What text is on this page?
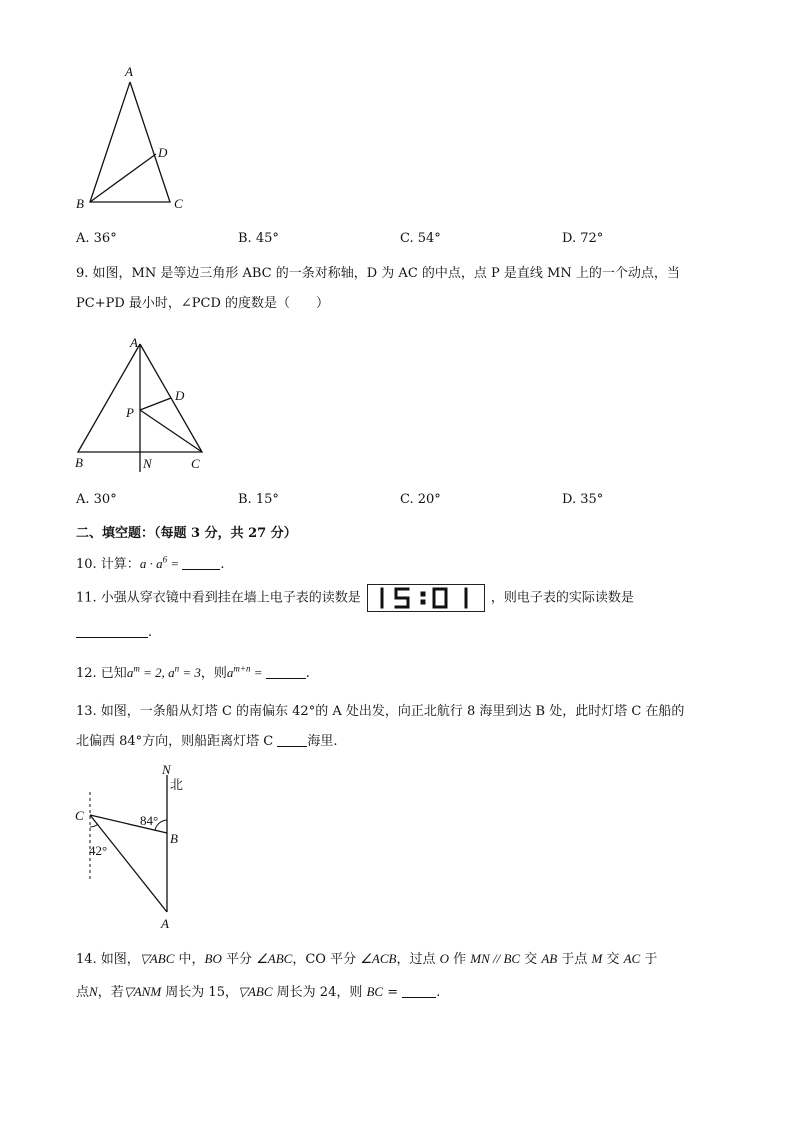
A
B	C
D
A. 36°	B. 45°	C. 54°	D. 72°
9. 如图，MN 是等边三角形 ABC 的一条对称轴，D 为 AC 的中点，点 P 是直线 MN 上的一个动点，当
PC+PD 最小时，∠PCD 的度数是（　　）
A
D
P
B	N	C
A. 30°	B. 15°	C. 20°	D. 35°
二、填空题：（每题 3 分，共 27 分）
10. 计算：$a \cdot a^6$ =	.
11. 小强从穿衣镜中看到挂在墙上电子表的读数是	，则电子表的实际读数是
.
12. 已知$a^m = 2$, $a^n = 3$，则$a^{m+n}$ =	.
13. 如图，一条船从灯塔 C 的南偏东 42°的 A 处出发，向正北航行 8 海里到达 B 处，此时灯塔 C 在船的
北偏西 84°方向，则船距离灯塔 C	海里.
N
北
C	84°
B
42°
A
14. 如图，▽ABC 中，BO 平分 ∠ABC，CO 平分 ∠ACB，过点 O 作 MN // BC 交 AB 于点 M 交 AC 于
点N，若▽ANM 周长为 15，▽ABC 周长为 24，则 BC =	.
